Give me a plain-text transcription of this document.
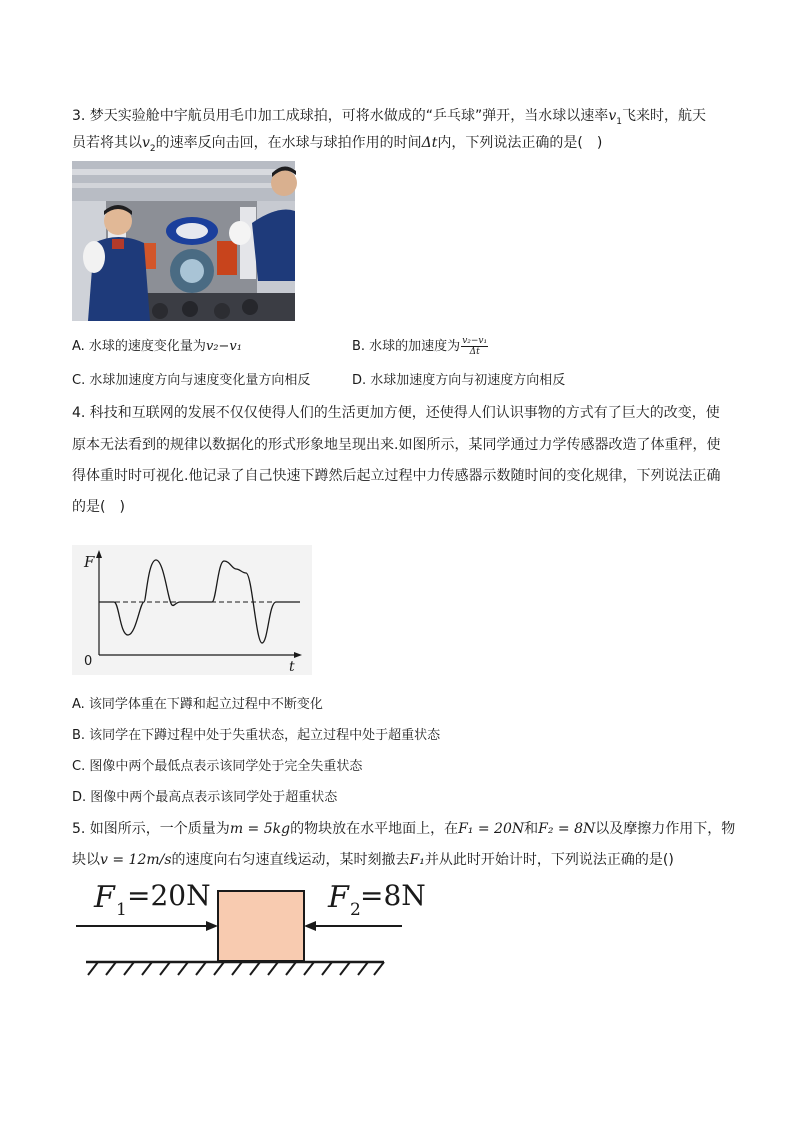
3. 梦天实验舱中宇航员用毛巾加工成球拍，可将水做成的“乒乓球”弹开，当水球以速率$v_1$飞来时，航天
员若将其以$v_2$的速率反向击回，在水球与球拍作用的时间Δt内，下列说法正确的是(　)
A. 水球的速度变化量为v₂−v₁	B. 水球的加速度为 $\frac{\text{v₂−v₁}}{\Delta t}$
C. 水球加速度方向与速度变化量方向相反	D. 水球加速度方向与初速度方向相反
4. 科技和互联网的发展不仅仅使得人们的生活更加方便，还使得人们认识事物的方式有了巨大的改变，使
原本无法看到的规律以数据化的形式形象地呈现出来.如图所示，某同学通过力学传感器改造了体重秤，使
得体重时时可视化.他记录了自己快速下蹲然后起立过程中力传感器示数随时间的变化规律，下列说法正确
的是(　)
F
t
0
A. 该同学体重在下蹲和起立过程中不断变化
B. 该同学在下蹲过程中处于失重状态，起立过程中处于超重状态
C. 图像中两个最低点表示该同学处于完全失重状态
D. 图像中两个最高点表示该同学处于超重状态
5. 如图所示，一个质量为m = 5kg的物块放在水平地面上，在F₁ = 20N和F₂ = 8N以及摩擦力作用下，物
块以v = 12m/s的速度向右匀速直线运动，某时刻撤去F₁并从此时开始计时，下列说法正确的是()
F 1 =20N	F 2 =8N
